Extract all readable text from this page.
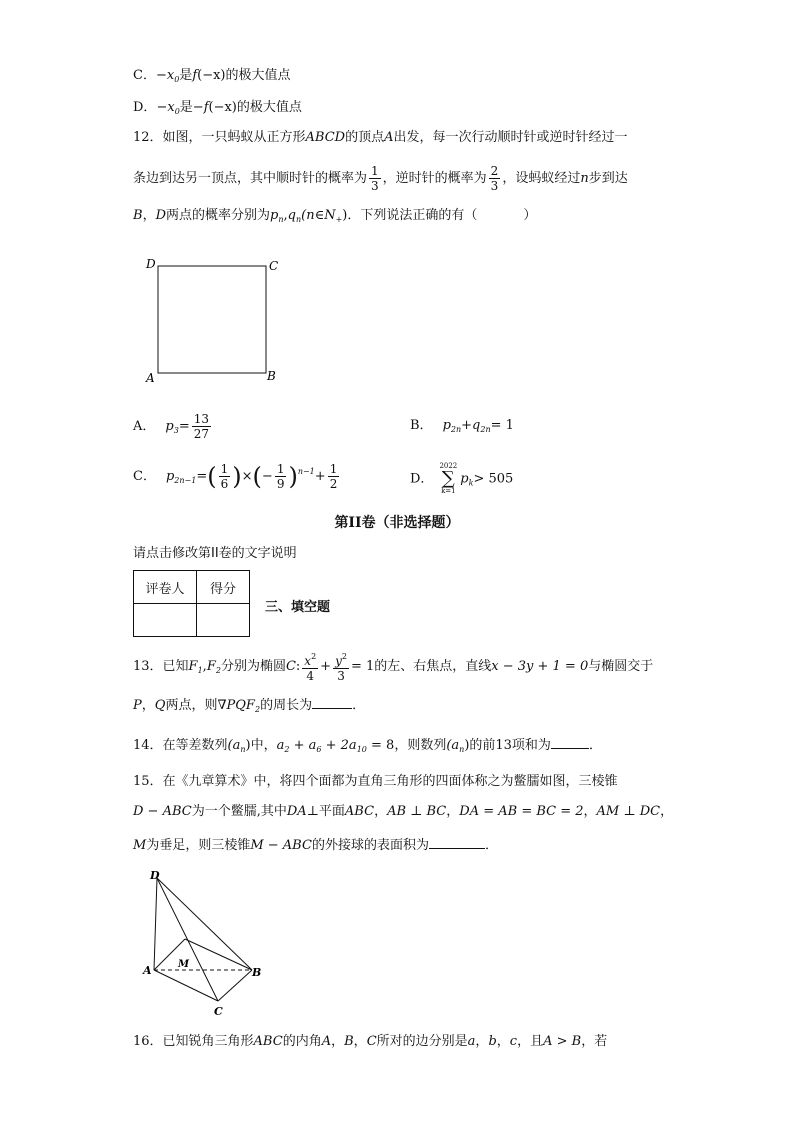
C．$-x_0$是f(−x)的极大值点
D．$-x_0$是−f(−x)的极大值点
12．如图，一只蚂蚁从正方形ABCD的顶点A出发，每一次行动顺时针或逆时针经过一
条边到达另一顶点，其中顺时针的概率为 $\frac{1}{3}$ ，逆时针的概率为 $\frac{2}{3}$ ，设蚂蚁经过n步到达
B，D两点的概率分别为$p_n,q_n(n\in N_+)$．下列说法正确的有（	）
D	C
A	B
A． $p_3= \frac{13}{27}$	B． $p_{2n}+q_{2n}= 1$
C． $p_{2n-1}=( \frac{1}{6}$ )×(− $\frac{1}{9} )^{n-1}+ \frac{1}{2}$	D．
2022
∑
k=1
$p_k> 505$
第II卷（非选择题）
请点击修改第II卷的文字说明
评卷人	得分

三、填空题
13．已知$F_1,F_2$分别为椭圆C: $\frac{x^2}{4} + \frac{y^2}{3} = 1$的左、右焦点，直线x − 3y + 1 = 0与椭圆交于
P，Q两点，则$\nabla PQF_2$的周长为	．
14．在等差数列$(a_n)$中，$a_2 + a_6 + 2a_{10} = 8$，则数列$(a_n)$的前13项和为	．
15．在《九章算术》中，将四个面都为直角三角形的四面体称之为鳖臑如图，三棱锥
D − ABC为一个鳖臑,其中DA⊥平面ABC，AB ⊥ BC，DA = AB = BC = 2，AM ⊥ DC，
M为垂足，则三棱锥M − ABC的外接球的表面积为	．
D
M
A	B
C
16．已知锐角三角形ABC的内角A，B，C所对的边分别是a，b，c，且A > B，若
